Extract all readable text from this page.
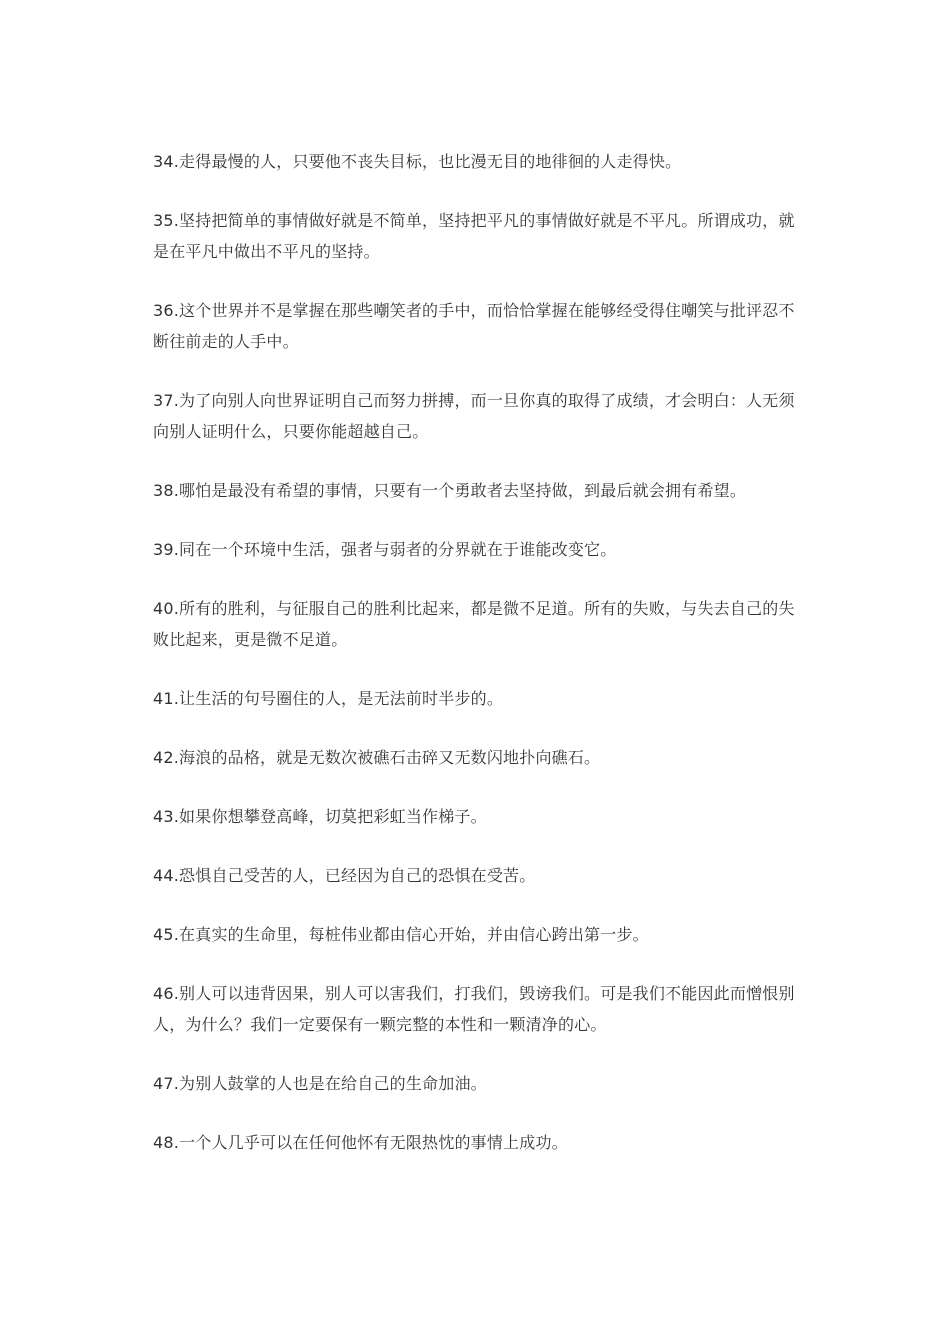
34.走得最慢的人，只要他不丧失目标，也比漫无目的地徘徊的人走得快。

35.坚持把简单的事情做好就是不简单，坚持把平凡的事情做好就是不平凡。所谓成功，就是在平凡中做出不平凡的坚持。

36.这个世界并不是掌握在那些嘲笑者的手中，而恰恰掌握在能够经受得住嘲笑与批评忍不断往前走的人手中。

37.为了向别人向世界证明自己而努力拼搏，而一旦你真的取得了成绩，才会明白：人无须向别人证明什么，只要你能超越自己。

38.哪怕是最没有希望的事情，只要有一个勇敢者去坚持做，到最后就会拥有希望。

39.同在一个环境中生活，强者与弱者的分界就在于谁能改变它。

40.所有的胜利，与征服自己的胜利比起来，都是微不足道。所有的失败，与失去自己的失败比起来，更是微不足道。

41.让生活的句号圈住的人，是无法前时半步的。

42.海浪的品格，就是无数次被礁石击碎又无数闪地扑向礁石。

43.如果你想攀登高峰，切莫把彩虹当作梯子。

44.恐惧自己受苦的人，已经因为自己的恐惧在受苦。

45.在真实的生命里，每桩伟业都由信心开始，并由信心跨出第一步。

46.别人可以违背因果，别人可以害我们，打我们，毁谤我们。可是我们不能因此而憎恨别人，为什么？我们一定要保有一颗完整的本性和一颗清净的心。

47.为别人鼓掌的人也是在给自己的生命加油。

48.一个人几乎可以在任何他怀有无限热忱的事情上成功。
